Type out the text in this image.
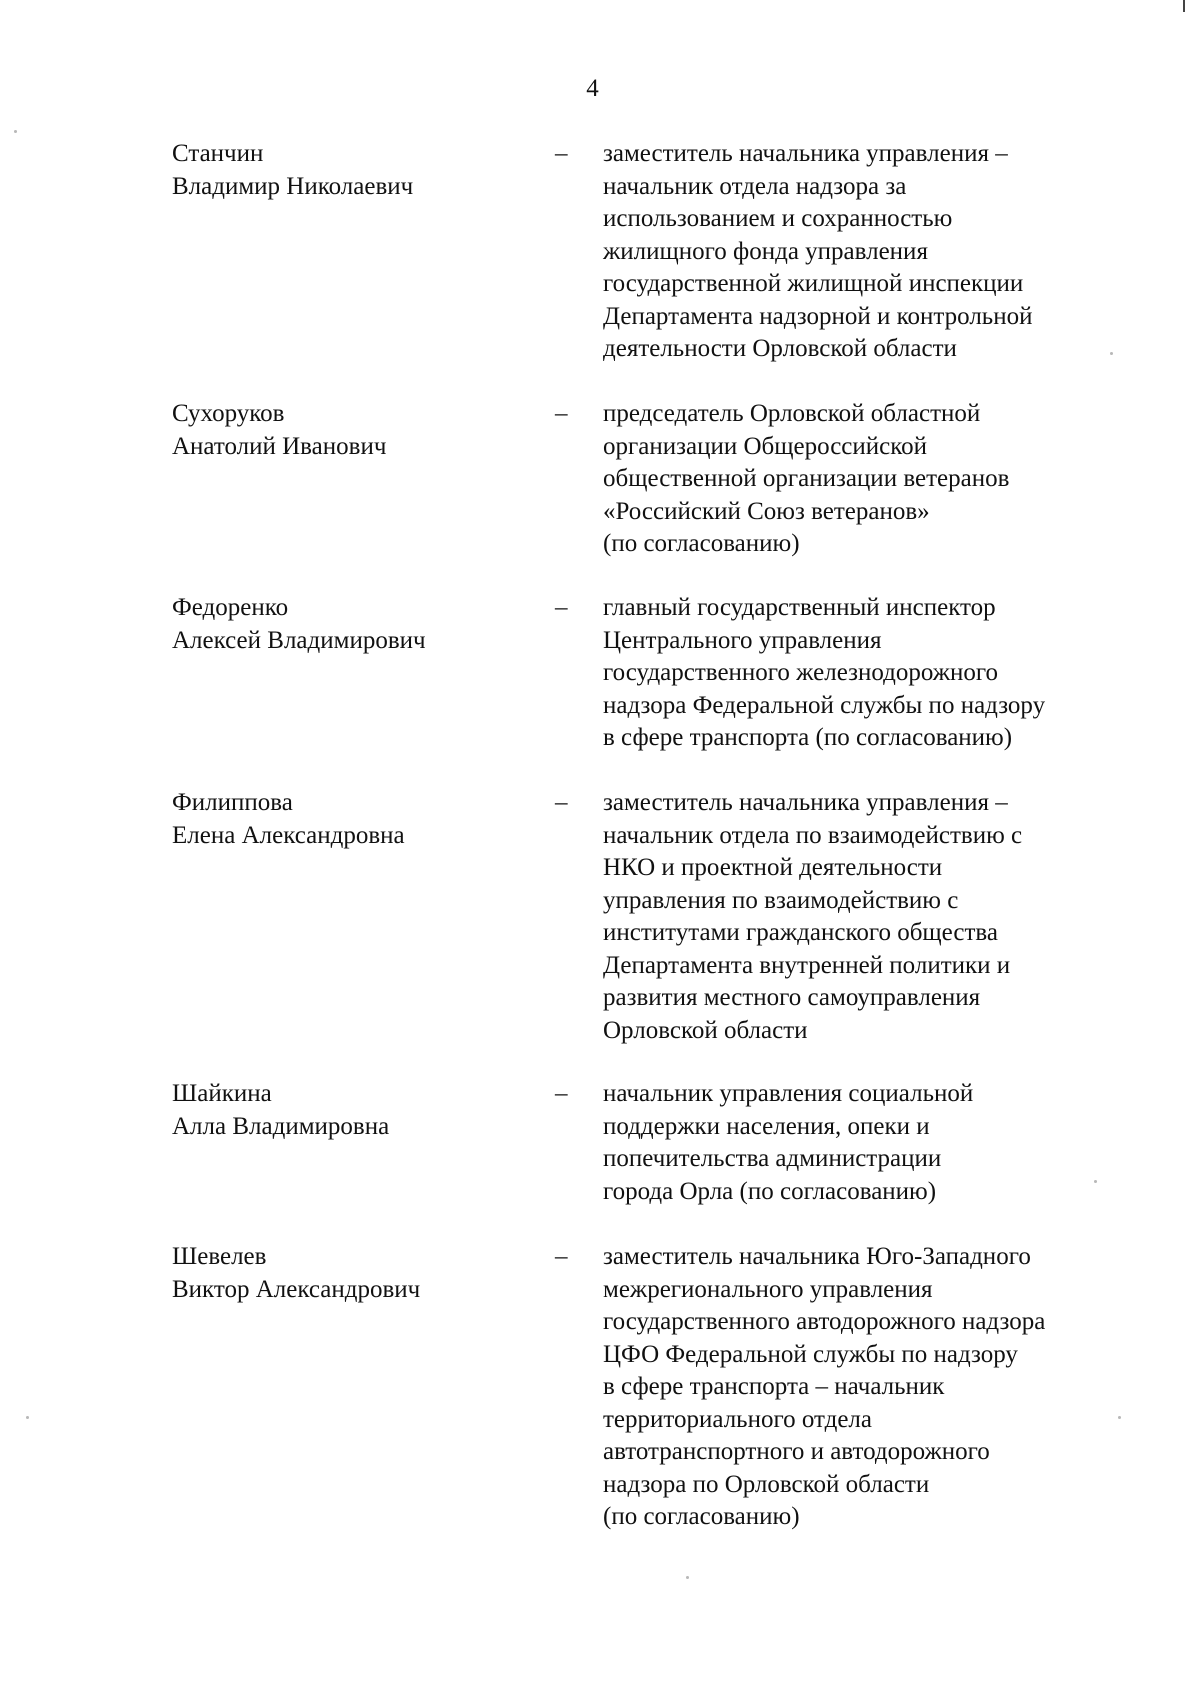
4
Станчин
Владимир Николаевич
–	заместитель начальника управления –
начальник отдела надзора за
использованием и сохранностью
жилищного фонда управления
государственной жилищной инспекции
Департамента надзорной и контрольной
деятельности Орловской области
Сухоруков
Анатолий Иванович
–	председатель Орловской областной
организации Общероссийской
общественной организации ветеранов
«Российский Союз ветеранов»
(по согласованию)
Федоренко
Алексей Владимирович
–	главный государственный инспектор
Центрального управления
государственного железнодорожного
надзора Федеральной службы по надзору
в сфере транспорта (по согласованию)
Филиппова
Елена Александровна
–	заместитель начальника управления –
начальник отдела по взаимодействию с
НКО и проектной деятельности
управления по взаимодействию с
институтами гражданского общества
Департамента внутренней политики и
развития местного самоуправления
Орловской области
Шайкина
Алла Владимировна
–	начальник управления социальной
поддержки населения, опеки и
попечительства администрации
города Орла (по согласованию)
Шевелев
Виктор Александрович
–	заместитель начальника Юго-Западного
межрегионального управления
государственного автодорожного надзора
ЦФО Федеральной службы по надзору
в сфере транспорта – начальник
территориального отдела
автотранспортного и автодорожного
надзора по Орловской области
(по согласованию)
